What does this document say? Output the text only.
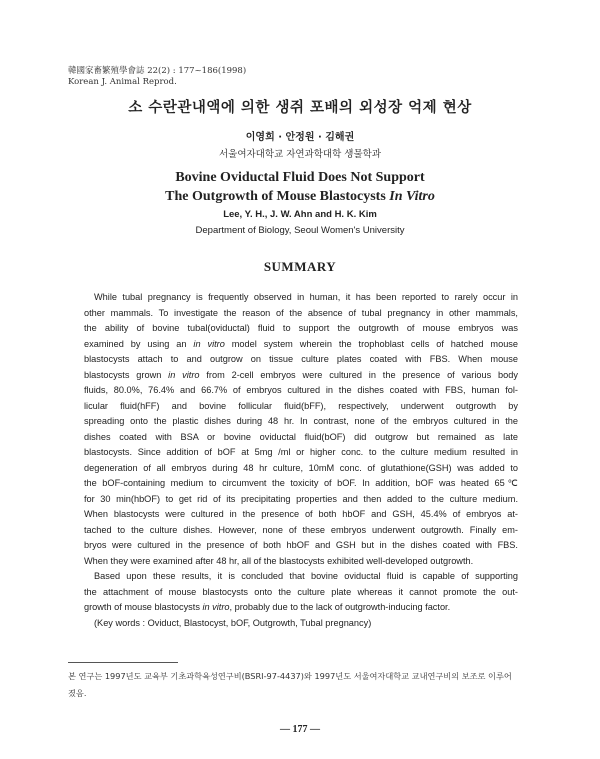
韓國家畜繁殖學會誌 22(2) : 177~186(1998)
Korean J. Animal Reprod.
소 수란관내액에 의한 생쥐 포배의 외성장 억제 현상
이영희 · 안정원 · 김해권
서울여자대학교 자연과학대학 생물학과
Bovine Oviductal Fluid Does Not Support
The Outgrowth of Mouse Blastocysts In Vitro
Lee, Y. H., J. W. Ahn and H. K. Kim
Department of Biology, Seoul Women's University
SUMMARY
While tubal pregnancy is frequently observed in human, it has been reported to rarely occur in
other mammals. To investigate the reason of the absence of tubal pregnancy in other mammals,
the ability of bovine tubal(oviductal) fluid to support the outgrowth of mouse embryos was
examined by using an in vitro model system wherein the trophoblast cells of hatched mouse
blastocysts attach to and outgrow on tissue culture plates coated with FBS. When mouse
blastocysts grown in vitro from 2-cell embryos were cultured in the presence of various body
fluids, 80.0%, 76.4% and 66.7% of embryos cultured in the dishes coated with FBS, human fol-
licular fluid(hFF) and bovine follicular fluid(bFF), respectively, underwent outgrowth by
spreading onto the plastic dishes during 48 hr. In contrast, none of the embryos cultured in the
dishes coated with BSA or bovine oviductal fluid(bOF) did outgrow but remained as late
blastocysts. Since addition of bOF at 5mg /ml or higher conc. to the culture medium resulted in
degeneration of all embryos during 48 hr culture, 10mM conc. of glutathione(GSH) was added to
the bOF-containing medium to circumvent the toxicity of bOF. In addition, bOF was heated 65℃
for 30 min(hbOF) to get rid of its precipitating properties and then added to the culture medium.
When blastocysts were cultured in the presence of both hbOF and GSH, 45.4% of embryos at-
tached to the culture dishes. However, none of these embryos underwent outgrowth. Finally em-
bryos were cultured in the presence of both hbOF and GSH but in the dishes coated with FBS.
When they were examined after 48 hr, all of the blastocysts exhibited well-developed outgrowth.
Based upon these results, it is concluded that bovine oviductal fluid is capable of supporting
the attachment of mouse blastocysts onto the culture plate whereas it cannot promote the out-
growth of mouse blastocysts in vitro, probably due to the lack of outgrowth-inducing factor.
(Key words : Oviduct, Blastocyst, bOF, Outgrowth, Tubal pregnancy)
본 연구는 1997년도 교육부 기초과학육성연구비(BSRI-97-4437)와 1997년도 서울여자대학교 교내연구비의 보조로 이루어
졌음.
— 177 —
